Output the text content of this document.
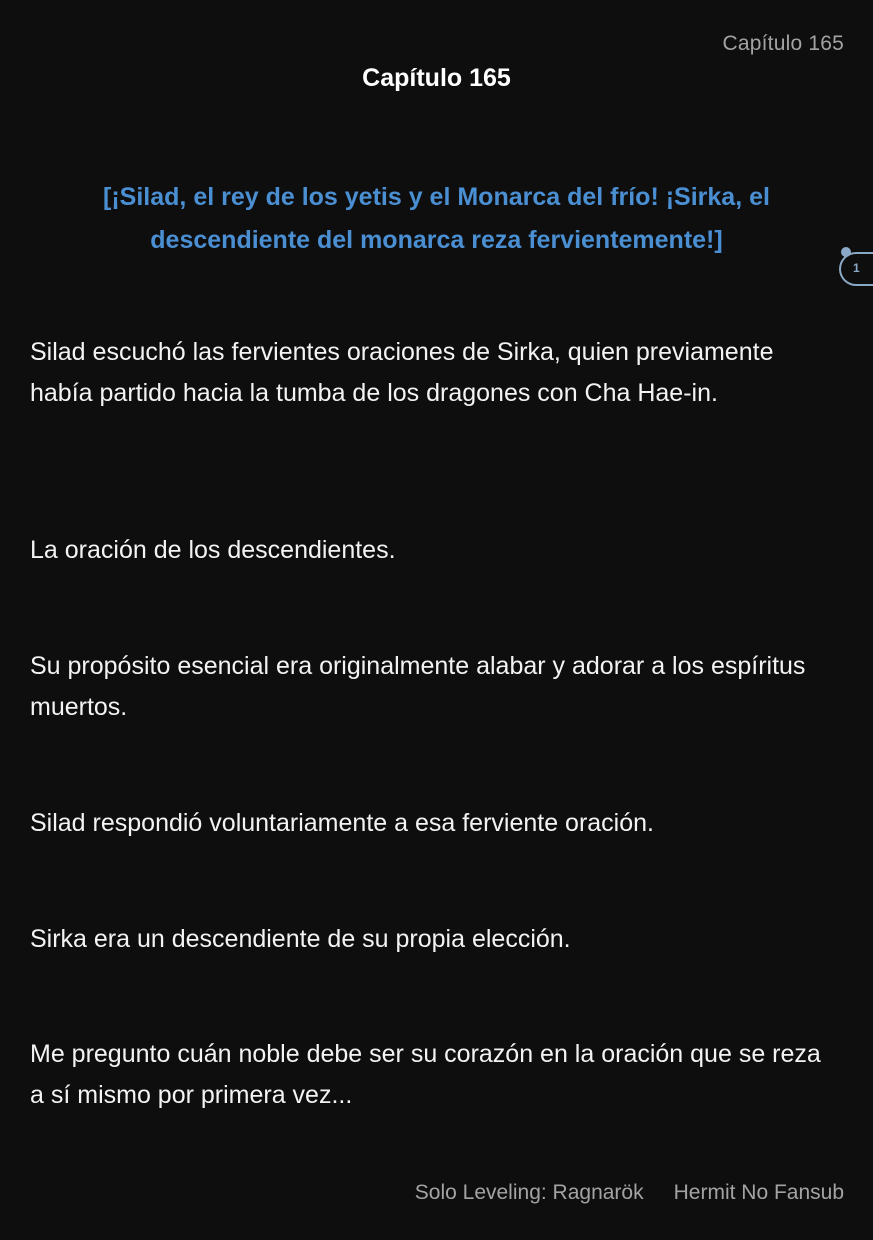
Capítulo 165
Capítulo 165
[¡Silad, el rey de los yetis y el Monarca del frío! ¡Sirka, el descendiente del monarca reza fervientemente!]
1
Silad escuchó las fervientes oraciones de Sirka, quien previamente había partido hacia la tumba de los dragones con Cha Hae-in.
La oración de los descendientes.
Su propósito esencial era originalmente alabar y adorar a los espíritus muertos.
Silad respondió voluntariamente a esa ferviente oración.
Sirka era un descendiente de su propia elección.
Me pregunto cuán noble debe ser su corazón en la oración que se reza a sí mismo por primera vez...
Solo Leveling: Ragnarök Hermit No Fansub
